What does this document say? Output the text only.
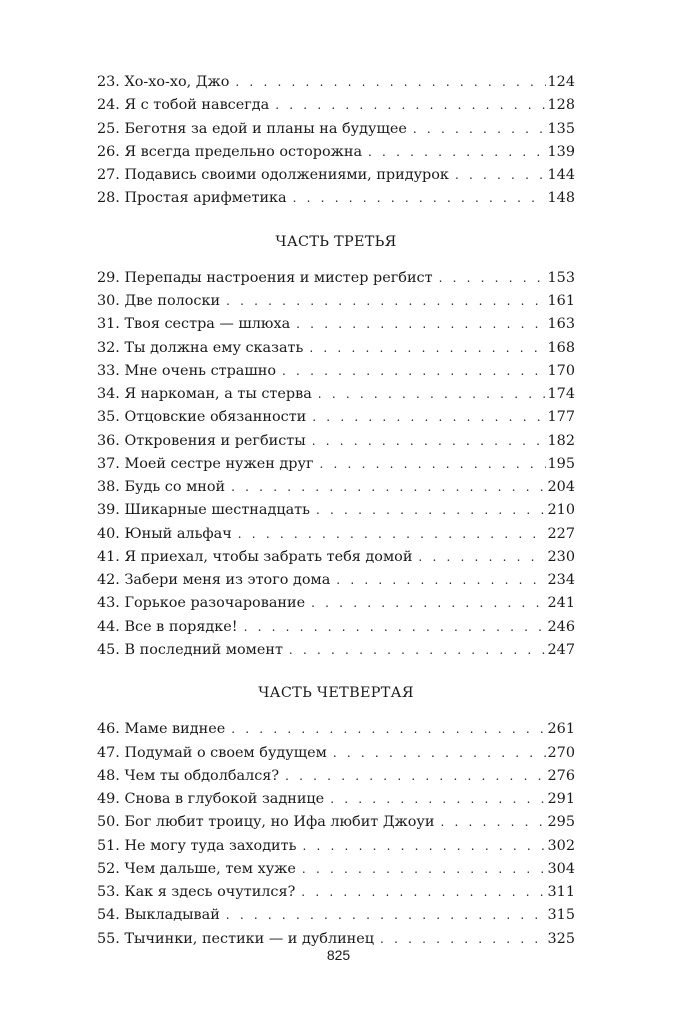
23. Хо-хо-хо, Джо . . .	124
24. Я с тобой навсегда . . .	128
25. Беготня за едой и планы на будущее . . .	135
26. Я всегда предельно осторожна . . .	139
27. Подавись своими одолжениями, придурок . . .	144
28. Простая арифметика . . .	148
ЧАСТЬ ТРЕТЬЯ
29. Перепады настроения и мистер регбист . . .	153
30. Две полоски . . .	161
31. Твоя сестра — шлюха . . .	163
32. Ты должна ему сказать . . .	168
33. Мне очень страшно . . .	170
34. Я наркоман, а ты стерва . . .	174
35. Отцовские обязанности . . .	177
36. Откровения и регбисты . . .	182
37. Моей сестре нужен друг . . .	195
38. Будь со мной . . .	204
39. Шикарные шестнадцать . . .	210
40. Юный альфач . . .	227
41. Я приехал, чтобы забрать тебя домой . . .	230
42. Забери меня из этого дома . . .	234
43. Горькое разочарование . . .	241
44. Все в порядке! . . .	246
45. В последний момент . . .	247
ЧАСТЬ ЧЕТВЕРТАЯ
46. Маме виднее . . .	261
47. Подумай о своем будущем . . .	270
48. Чем ты обдолбался? . . .	276
49. Снова в глубокой заднице . . .	291
50. Бог любит троицу, но Ифа любит Джоуи . . .	295
51. Не могу туда заходить . . .	302
52. Чем дальше, тем хуже . . .	304
53. Как я здесь очутился? . . .	311
54. Выкладывай . . .	315
55. Тычинки, пестики — и дублинец . . .	325
825
